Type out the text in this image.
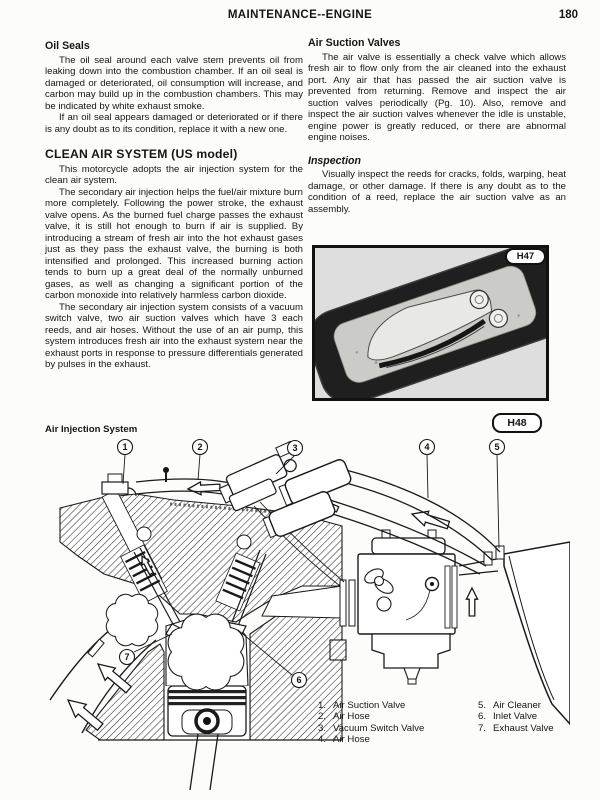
MAINTENANCE--ENGINE	180
Oil Seals

The oil seal around each valve stem prevents oil from leaking down into the combustion chamber. If an oil seal is damaged or deteriorated, oil consumption will increase, and carbon may build up in the combustion chambers. This may be indicated by white exhaust smoke.

If an oil seal appears damaged or deteriorated or if there is any doubt as to its condition, replace it with a new one.

CLEAN AIR SYSTEM (US model)

This motorcycle adopts the air injection system for the clean air system.

The secondary air injection helps the fuel/air mixture burn more completely. Following the power stroke, the exhaust valve opens. As the burned fuel charge passes the exhaust valve, it is still hot enough to burn if air is supplied. By introducing a stream of fresh air into the hot exhaust gases just as they pass the exhaust valve, the burning is both intensified and prolonged. This increased burning action tends to burn up a great deal of the normally unburned gases, as well as changing a significant portion of the carbon monoxide into relatively harmless carbon dioxide.

The secondary air injection system consists of a vacuum switch valve, two air suction valves which have 3 each reeds, and air hoses. Without the use of an air pump, this system introduces fresh air into the exhaust system near the exhaust ports in response to pressure differentials generated by pulses in the exhaust.

Air Suction Valves

The air valve is essentially a check valve which allows fresh air to flow only from the air cleaned into the exhaust port. Any air that has passed the air suction valve is prevented from returning. Remove and inspect the air suction valves periodically (Pg. 10). Also, remove and inspect the air suction valves whenever the idle is unstable, engine power is greatly reduced, or there are abnormal engine noises.

Inspection

Visually inspect the reeds for cracks, folds, warping, heat damage, or other damage. If there is any doubt as to the condition of a reed, replace the air suction valve as an assembly.

H47
H48
Air Injection System
1	2	3	4	5
6
7
1. Air Suction Valve
2. Air Hose
3. Vacuum Switch Valve
4. Air Hose
5. Air Cleaner
6. Inlet Valve
7. Exhaust Valve
